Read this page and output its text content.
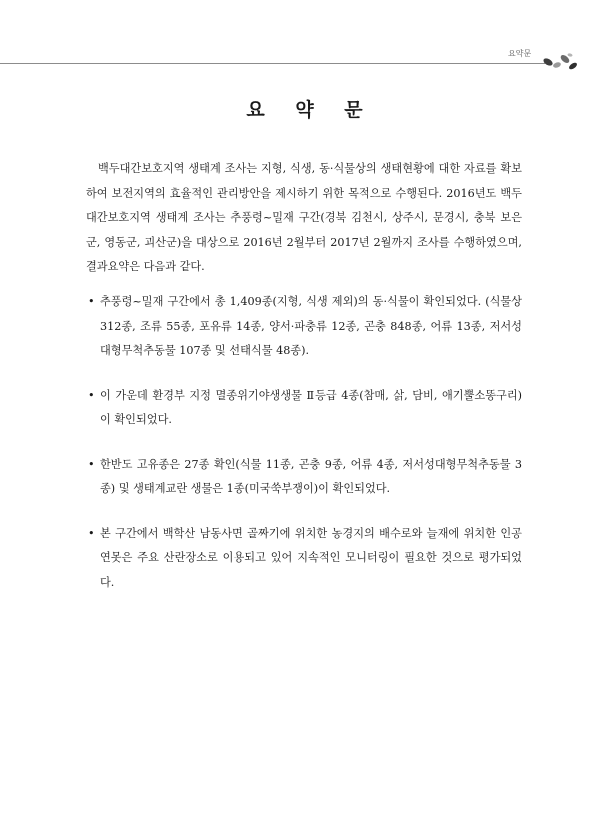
요약문
요 약 문

백두대간보호지역 생태계 조사는 지형, 식생, 동·식물상의 생태현황에 대한 자료를 확보하여 보전지역의 효율적인 관리방안을 제시하기 위한 목적으로 수행된다. 2016년도 백두대간보호지역 생태계 조사는 추풍령~밀재 구간(경북 김천시, 상주시, 문경시, 충북 보은군, 영동군, 괴산군)을 대상으로 2016년 2월부터 2017년 2월까지 조사를 수행하였으며, 결과요약은 다음과 같다.

• 추풍령~밀재 구간에서 총 1,409종(지형, 식생 제외)의 동·식물이 확인되었다. (식물상 312종, 조류 55종, 포유류 14종, 양서·파충류 12종, 곤충 848종, 어류 13종, 저서성대형무척추동물 107종 및 선태식물 48종).
• 이 가운데 환경부 지정 멸종위기야생생물 Ⅱ등급 4종(참매, 삵, 담비, 애기뿔소똥구리)이 확인되었다.
• 한반도 고유종은 27종 확인(식물 11종, 곤충 9종, 어류 4종, 저서성대형무척추동물 3종) 및 생태계교란 생물은 1종(미국쑥부쟁이)이 확인되었다.
• 본 구간에서 백학산 남동사면 골짜기에 위치한 농경지의 배수로와 늘재에 위치한 인공연못은 주요 산란장소로 이용되고 있어 지속적인 모니터링이 필요한 것으로 평가되었다.
